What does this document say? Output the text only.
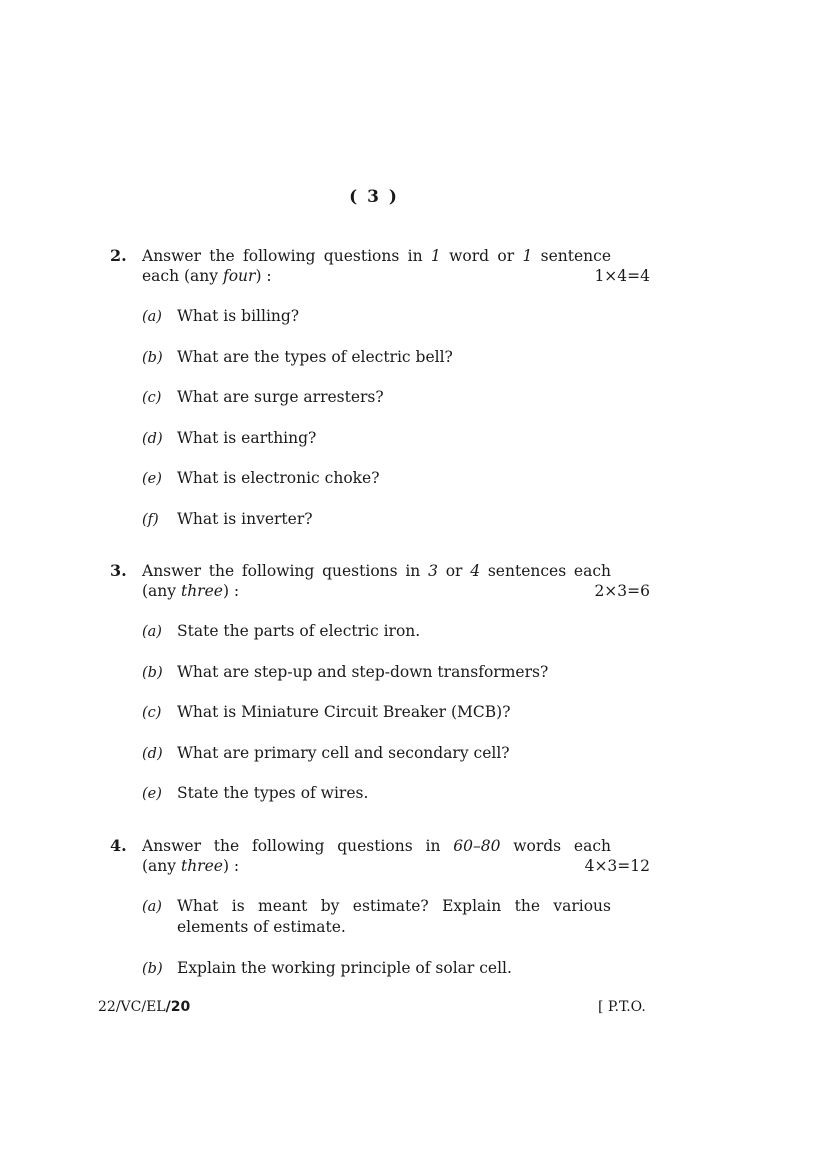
( 3 )
2. Answer the following questions in 1 word or 1 sentence
each (any four) :	1×4=4
(a) What is billing?
(b) What are the types of electric bell?
(c) What are surge arresters?
(d) What is earthing?
(e) What is electronic choke?
(f) What is inverter?
3. Answer the following questions in 3 or 4 sentences each
(any three) :	2×3=6
(a) State the parts of electric iron.
(b) What are step-up and step-down transformers?
(c) What is Miniature Circuit Breaker (MCB)?
(d) What are primary cell and secondary cell?
(e) State the types of wires.
4. Answer the following questions in 60–80 words each
(any three) :	4×3=12
(a) What is meant by estimate? Explain the various
elements of estimate.
(b) Explain the working principle of solar cell.
22/VC/EL/20	[ P.T.O.
